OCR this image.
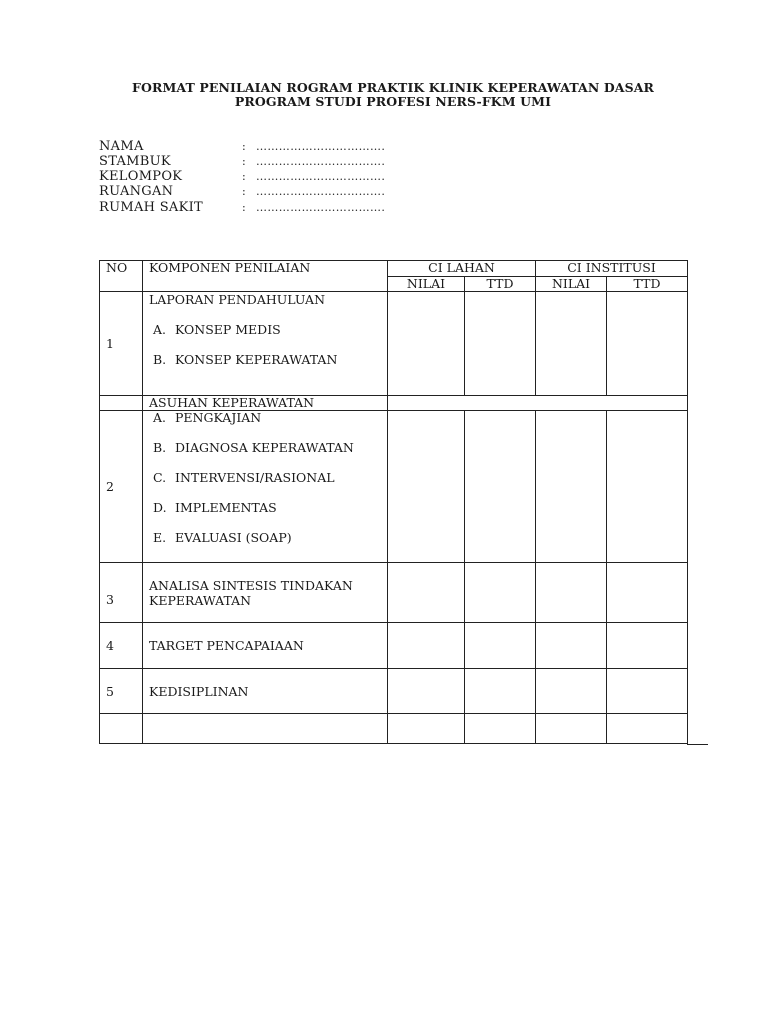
FORMAT PENILAIAN ROGRAM PRAKTIK KLINIK KEPERAWATAN DASAR
PROGRAM STUDI PROFESI NERS-FKM UMI
NAMA	: …………………………….
STAMBUK	: …………………………….
KELOMPOK	: …………………………….
RUANGAN	: …………………………….
RUMAH SAKIT	: …………………………….
NO	KOMPONEN PENILAIAN	CI LAHAN		CI INSTITUSI	
		NILAI	TTD	NILAI	TTD
1	LAPORAN PENDAHULUAN
A. KONSEP MEDIS
B. KONSEP KEPERAWATAN				

	ASUHAN KEPERAWATAN				
2	A. PENGKAJIAN
B. DIAGNOSA KEPERAWATAN
C. INTERVENSI/RASIONAL
D. IMPLEMENTAS
E. EVALUASI (SOAP)				

3	ANALISA SINTESIS TINDAKAN
KEPERAWATAN				

4	TARGET PENCAPAIAAN				
5	KEDISIPLINAN				
